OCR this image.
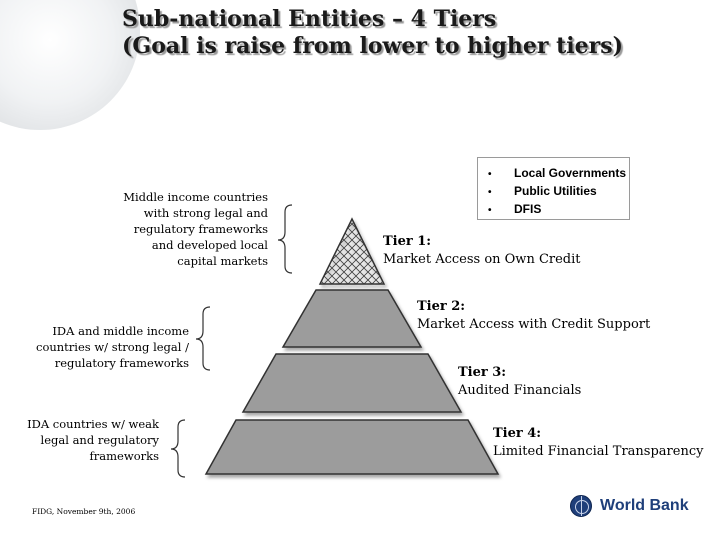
Sub-national Entities – 4 Tiers
(Goal is raise from lower to higher tiers)
• Local Governments
• Public Utilities
• DFIS
Middle income countries
with strong legal and
regulatory frameworks
and developed local
capital markets
IDA and middle income
countries w/ strong legal /
regulatory frameworks
IDA countries w/ weak
legal and regulatory
frameworks
Tier 1:
Market Access on Own Credit
Tier 2:
Market Access with Credit Support
Tier 3:
Audited Financials
Tier 4:
Limited Financial Transparency
FIDG, November 9th, 2006	World Bank
